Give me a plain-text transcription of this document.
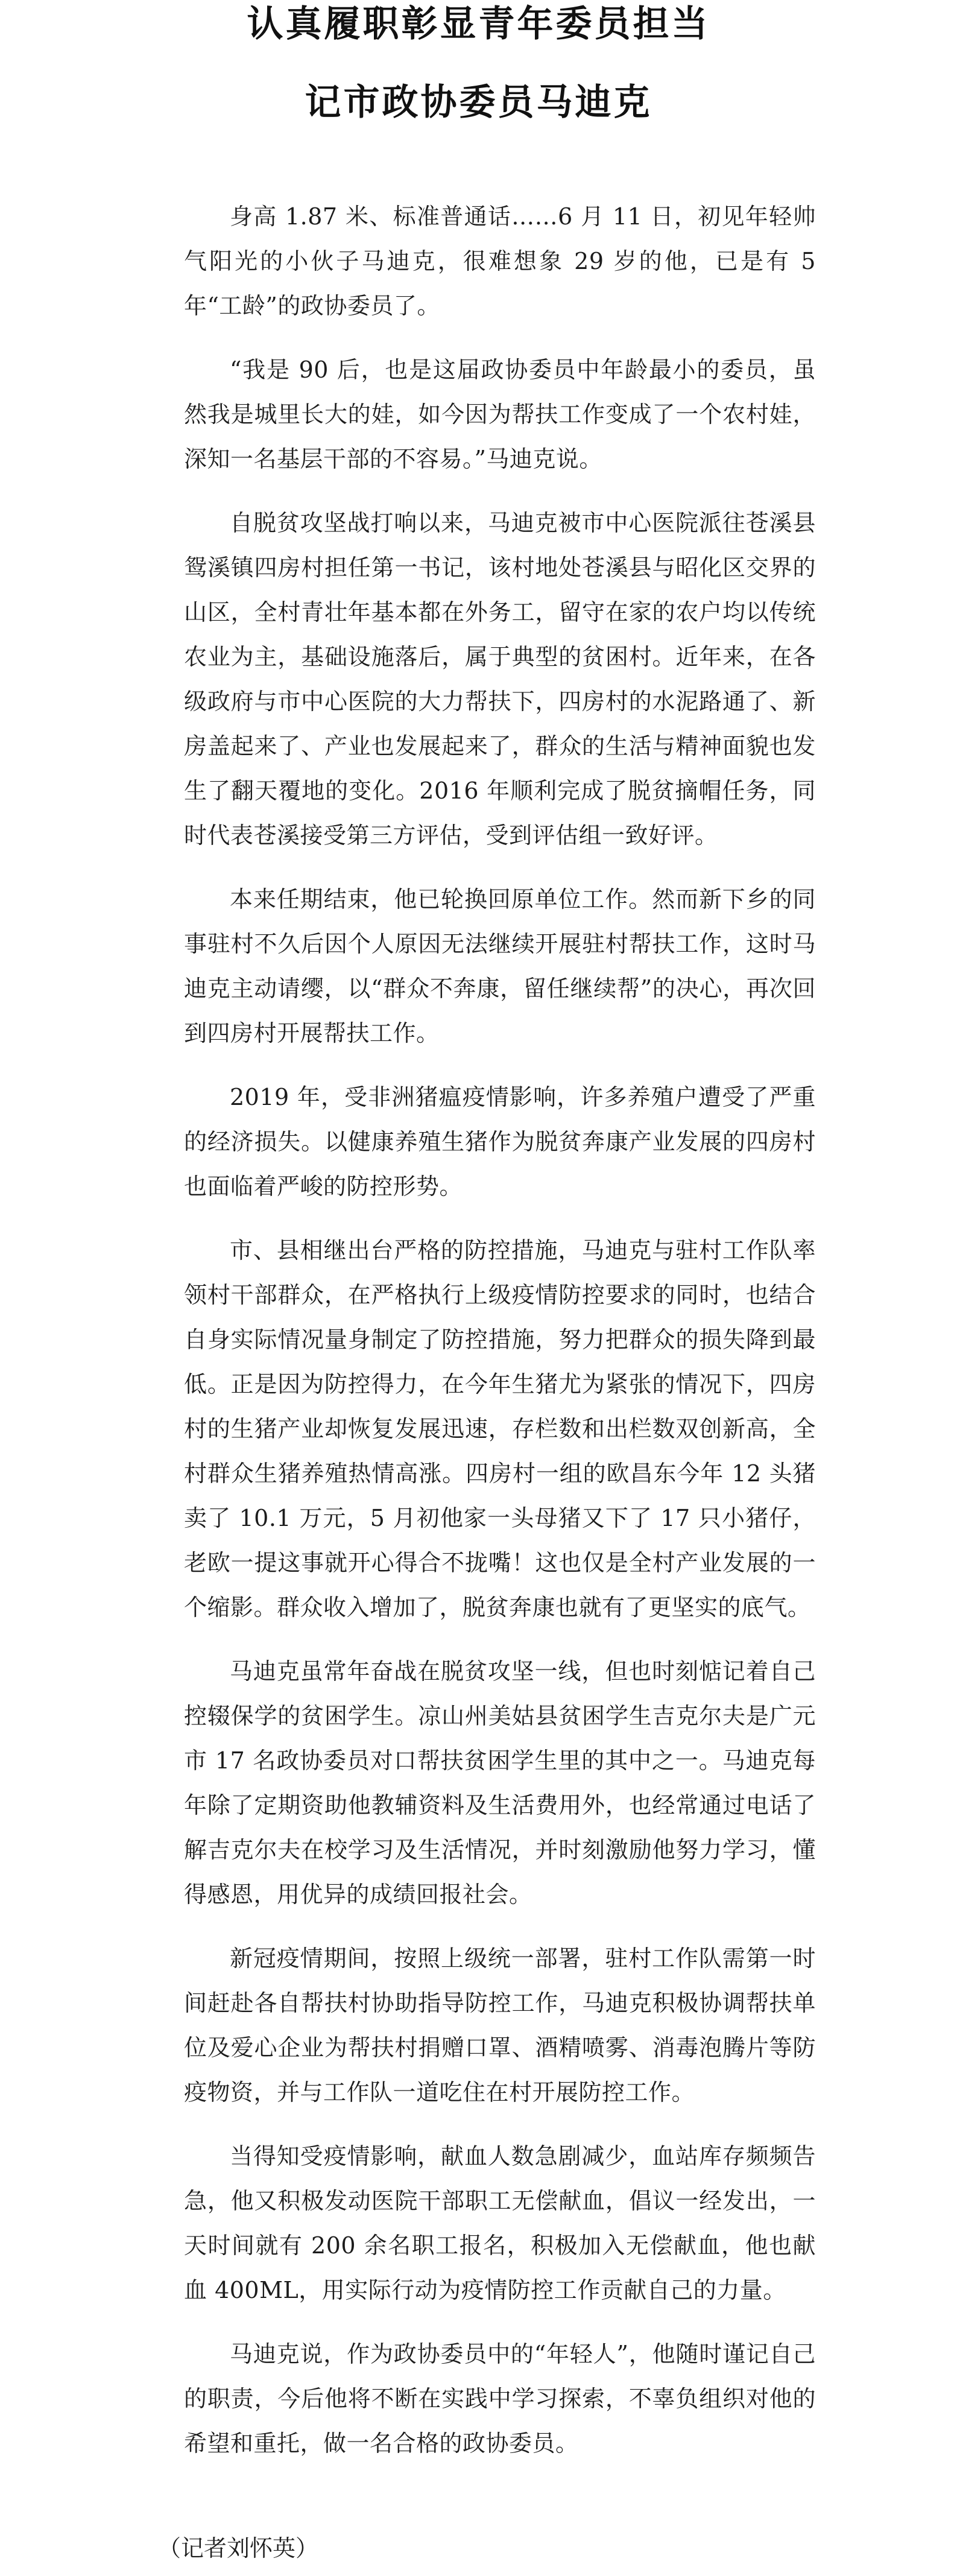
认真履职彰显青年委员担当
记市政协委员马迪克

身高 1.87 米、标准普通话……6 月 11 日，初见年轻帅气阳光的小伙子马迪克，很难想象 29 岁的他，已是有 5 年“工龄”的政协委员了。

“我是 90 后，也是这届政协委员中年龄最小的委员，虽然我是城里长大的娃，如今因为帮扶工作变成了一个农村娃，深知一名基层干部的不容易。”马迪克说。

自脱贫攻坚战打响以来，马迪克被市中心医院派往苍溪县鸳溪镇四房村担任第一书记，该村地处苍溪县与昭化区交界的山区，全村青壮年基本都在外务工，留守在家的农户均以传统农业为主，基础设施落后，属于典型的贫困村。近年来，在各级政府与市中心医院的大力帮扶下，四房村的水泥路通了、新房盖起来了、产业也发展起来了，群众的生活与精神面貌也发生了翻天覆地的变化。2016 年顺利完成了脱贫摘帽任务，同时代表苍溪接受第三方评估，受到评估组一致好评。

本来任期结束，他已轮换回原单位工作。然而新下乡的同事驻村不久后因个人原因无法继续开展驻村帮扶工作，这时马迪克主动请缨，以“群众不奔康，留任继续帮”的决心，再次回到四房村开展帮扶工作。

2019 年，受非洲猪瘟疫情影响，许多养殖户遭受了严重的经济损失。以健康养殖生猪作为脱贫奔康产业发展的四房村也面临着严峻的防控形势。

市、县相继出台严格的防控措施，马迪克与驻村工作队率领村干部群众，在严格执行上级疫情防控要求的同时，也结合自身实际情况量身制定了防控措施，努力把群众的损失降到最低。正是因为防控得力，在今年生猪尤为紧张的情况下，四房村的生猪产业却恢复发展迅速，存栏数和出栏数双创新高，全村群众生猪养殖热情高涨。四房村一组的欧昌东今年 12 头猪卖了 10.1 万元，5 月初他家一头母猪又下了 17 只小猪仔，老欧一提这事就开心得合不拢嘴！这也仅是全村产业发展的一个缩影。群众收入增加了，脱贫奔康也就有了更坚实的底气。

马迪克虽常年奋战在脱贫攻坚一线，但也时刻惦记着自己控辍保学的贫困学生。凉山州美姑县贫困学生吉克尔夫是广元市 17 名政协委员对口帮扶贫困学生里的其中之一。马迪克每年除了定期资助他教辅资料及生活费用外，也经常通过电话了解吉克尔夫在校学习及生活情况，并时刻激励他努力学习，懂得感恩，用优异的成绩回报社会。

新冠疫情期间，按照上级统一部署，驻村工作队需第一时间赶赴各自帮扶村协助指导防控工作，马迪克积极协调帮扶单位及爱心企业为帮扶村捐赠口罩、酒精喷雾、消毒泡腾片等防疫物资，并与工作队一道吃住在村开展防控工作。

当得知受疫情影响，献血人数急剧减少，血站库存频频告急，他又积极发动医院干部职工无偿献血，倡议一经发出，一天时间就有 200 余名职工报名，积极加入无偿献血，他也献血 400ML，用实际行动为疫情防控工作贡献自己的力量。

马迪克说，作为政协委员中的“年轻人”，他随时谨记自己的职责，今后他将不断在实践中学习探索，不辜负组织对他的希望和重托，做一名合格的政协委员。

（记者刘怀英）
